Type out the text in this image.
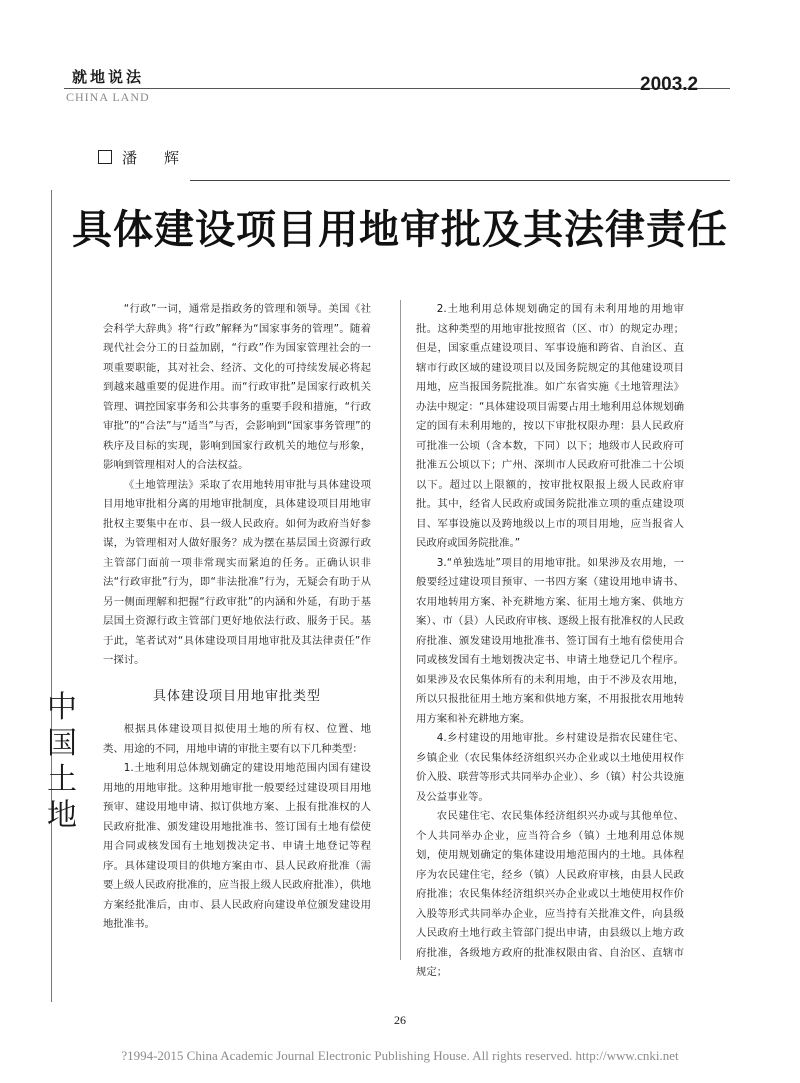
就地说法
CHINA LAND
2003.2
潘　辉
具体建设项目用地审批及其法律责任
中
国
土
地

“行政”一词，通常是指政务的管理和领导。美国《社会科学大辞典》将“行政”解释为“国家事务的管理”。随着现代社会分工的日益加剧，“行政”作为国家管理社会的一项重要职能，其对社会、经济、文化的可持续发展必将起到越来越重要的促进作用。而“行政审批”是国家行政机关管理、调控国家事务和公共事务的重要手段和措施，“行政审批”的“合法”与“适当”与否，会影响到“国家事务管理”的秩序及目标的实现，影响到国家行政机关的地位与形象，影响到管理相对人的合法权益。

《土地管理法》采取了农用地转用审批与具体建设项目用地审批相分离的用地审批制度，具体建设项目用地审批权主要集中在市、县一级人民政府。如何为政府当好参谋，为管理相对人做好服务？成为摆在基层国土资源行政主管部门面前一项非常现实而紧迫的任务。正确认识非法“行政审批”行为，即“非法批准”行为，无疑会有助于从另一侧面理解和把握“行政审批”的内涵和外延，有助于基层国土资源行政主管部门更好地依法行政、服务于民。基于此，笔者试对“具体建设项目用地审批及其法律责任”作一探讨。

具体建设项目用地审批类型

根据具体建设项目拟使用土地的所有权、位置、地类、用途的不同，用地申请的审批主要有以下几种类型：

1.土地利用总体规划确定的建设用地范围内国有建设用地的用地审批。这种用地审批一般要经过建设项目用地预审、建设用地申请、拟订供地方案、上报有批准权的人民政府批准、颁发建设用地批准书、签订国有土地有偿使用合同或核发国有土地划拨决定书、申请土地登记等程序。具体建设项目的供地方案由市、县人民政府批准（需要上级人民政府批准的，应当报上级人民政府批准），供地方案经批准后，由市、县人民政府向建设单位颁发建设用地批准书。

2.土地利用总体规划确定的国有未利用地的用地审批。这种类型的用地审批按照省（区、市）的规定办理；但是，国家重点建设项目、军事设施和跨省、自治区、直辖市行政区域的建设项目以及国务院规定的其他建设项目用地，应当报国务院批准。如广东省实施《土地管理法》办法中规定：“具体建设项目需要占用土地利用总体规划确定的国有未利用地的，按以下审批权限办理：县人民政府可批准一公顷（含本数，下同）以下；地级市人民政府可批准五公顷以下；广州、深圳市人民政府可批准二十公顷以下。超过以上限额的，按审批权限报上级人民政府审批。其中，经省人民政府或国务院批准立项的重点建设项目、军事设施以及跨地级以上市的项目用地，应当报省人民政府或国务院批准。”

3.“单独选址”项目的用地审批。如果涉及农用地，一般要经过建设项目预审、一书四方案（建设用地申请书、农用地转用方案、补充耕地方案、征用土地方案、供地方案）、市（县）人民政府审核、逐级上报有批准权的人民政府批准、颁发建设用地批准书、签订国有土地有偿使用合同或核发国有土地划拨决定书、申请土地登记几个程序。如果涉及农民集体所有的未利用地，由于不涉及农用地，所以只报批征用土地方案和供地方案，不用报批农用地转用方案和补充耕地方案。

4.乡村建设的用地审批。乡村建设是指农民建住宅、乡镇企业（农民集体经济组织兴办企业或以土地使用权作价入股、联营等形式共同举办企业）、乡（镇）村公共设施及公益事业等。

农民建住宅、农民集体经济组织兴办或与其他单位、个人共同举办企业，应当符合乡（镇）土地利用总体规划，使用规划确定的集体建设用地范围内的土地。具体程序为农民建住宅，经乡（镇）人民政府审核，由县人民政府批准；农民集体经济组织兴办企业或以土地使用权作价入股等形式共同举办企业，应当持有关批准文件，向县级人民政府土地行政主管部门提出申请，由县级以上地方政府批准，各级地方政府的批准权限由省、自治区、直辖市规定；

26
?1994-2015 China Academic Journal Electronic Publishing House. All rights reserved. http://www.cnki.net
